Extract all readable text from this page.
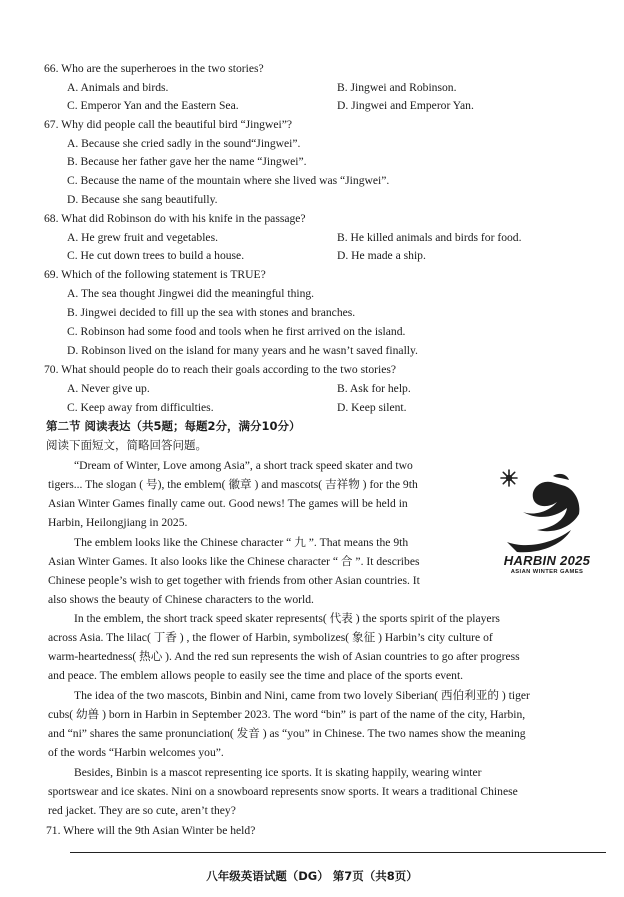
66. Who are the superheroes in the two stories?
A. Animals and birds.	B. Jingwei and Robinson.
C. Emperor Yan and the Eastern Sea.	D. Jingwei and Emperor Yan.
67. Why did people call the beautiful bird “Jingwei”?
A. Because she cried sadly in the sound“Jingwei”.
B. Because her father gave her the name “Jingwei”.
C. Because the name of the mountain where she lived was “Jingwei”.
D. Because she sang beautifully.
68. What did Robinson do with his knife in the passage?
A. He grew fruit and vegetables.	B. He killed animals and birds for food.
C. He cut down trees to build a house.	D. He made a ship.
69. Which of the following statement is TRUE?
A. The sea thought Jingwei did the meaningful thing.
B. Jingwei decided to fill up the sea with stones and branches.
C. Robinson had some food and tools when he first arrived on the island.
D. Robinson lived on the island for many years and he wasn’t saved finally.
70. What should people do to reach their goals according to the two stories?
A. Never give up.	B. Ask for help.
C. Keep away from difficulties.	D. Keep silent.
第二节 阅读表达（共5题；每题2分，满分10分）
阅读下面短文，简略回答问题。
“Dream of Winter, Love among Asia”, a short track speed skater and two
tigers... The slogan ( 号), the emblem( 徽章 ) and mascots( 吉祥物 ) for the 9th
Asian Winter Games finally came out. Good news! The games will be held in
Harbin, Heilongjiang in 2025.
The emblem looks like the Chinese character “ 九 ”. That means the 9th
Asian Winter Games. It also looks like the Chinese character “ 合 ”. It describes
Chinese people’s wish to get together with friends from other Asian countries. It
also shows the beauty of Chinese characters to the world.
In the emblem, the short track speed skater represents( 代表 ) the sports spirit of the players
across Asia. The lilac( 丁香 ) , the flower of Harbin, symbolizes( 象征 ) Harbin’s city culture of
warm-heartedness( 热心 ). And the red sun represents the wish of Asian countries to go after progress
and peace. The emblem allows people to easily see the time and place of the sports event.
The idea of the two mascots, Binbin and Nini, came from two lovely Siberian( 西伯利亚的 ) tiger
cubs( 幼兽 ) born in Harbin in September 2023. The word “bin” is part of the name of the city, Harbin,
and “ni” shares the same pronunciation( 发音 ) as “you” in Chinese. The two names show the meaning
of the words “Harbin welcomes you”.
Besides, Binbin is a mascot representing ice sports. It is skating happily, wearing winter
sportswear and ice skates. Nini on a snowboard represents snow sports. It wears a traditional Chinese
red jacket. They are so cute, aren’t they?
71. Where will the 9th Asian Winter be held?
HARBIN 2025
ASIAN WINTER GAMES
八年级英语试题（DG） 第7页（共8页）
